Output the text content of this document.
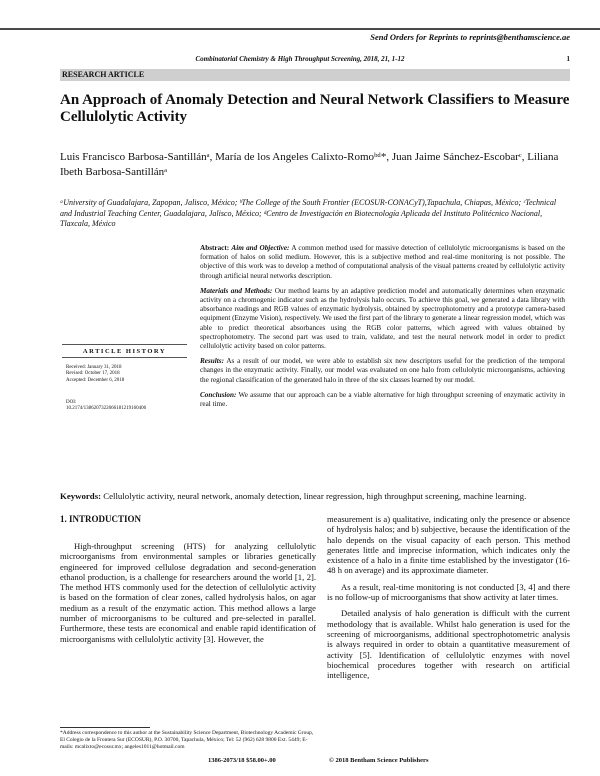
Send Orders for Reprints to reprints@benthamscience.ae
Combinatorial Chemistry & High Throughput Screening, 2018, 21, 1-12	1
RESEARCH ARTICLE
An Approach of Anomaly Detection and Neural Network Classifiers to Measure Cellulolytic Activity
Luis Francisco Barbosa-Santillánᵃ, María de los Angeles Calixto-Romoᵇᵈ*, Juan Jaime Sánchez-Escobarᶜ, Liliana Ibeth Barbosa-Santillánᵃ
ᵃUniversity of Guadalajara, Zapopan, Jalisco, México; ᵇThe College of the South Frontier (ECOSUR-CONACyT),Tapachula, Chiapas, México; ᶜTechnical and Industrial Teaching Center, Guadalajara, Jalisco, México; ᵈCentro de Investigación en Biotecnología Aplicada del Instituto Politécnico Nacional, Tlaxcala, México
ARTICLE HISTORY
Received: January 31, 2018
Revised: October 17, 2018
Accepted: December 6, 2018
DOI:
10.2174/1386207322666181219160406

Abstract: Aim and Objective: A common method used for massive detection of cellulolytic microorganisms is based on the formation of halos on solid medium. However, this is a subjective method and real-time monitoring is not possible. The objective of this work was to develop a method of computational analysis of the visual patterns created by cellulolytic activity through artificial neural networks description.

Materials and Methods: Our method learns by an adaptive prediction model and automatically determines when enzymatic activity on a chromogenic indicator such as the hydrolysis halo occurs. To achieve this goal, we generated a data library with absorbance readings and RGB values of enzymatic hydrolysis, obtained by spectrophotometry and a prototype camera-based equipment (Enzyme Vision), respectively. We used the first part of the library to generate a linear regression model, which was able to predict theoretical absorbances using the RGB color patterns, which agreed with values obtained by spectrophotometry. The second part was used to train, validate, and test the neural network model in order to predict cellulolytic activity based on color patterns.

Results: As a result of our model, we were able to establish six new descriptors useful for the prediction of the temporal changes in the enzymatic activity. Finally, our model was evaluated on one halo from cellulolytic microorganisms, achieving the regional classification of the generated halo in three of the six classes learned by our model.

Conclusion: We assume that our approach can be a viable alternative for high throughput screening of enzymatic activity in real time.

Keywords: Cellulolytic activity, neural network, anomaly detection, linear regression, high throughput screening, machine learning.
1. INTRODUCTION

High-throughput screening (HTS) for analyzing cellulolytic microorganisms from environmental samples or libraries genetically engineered for improved cellulose degradation and second-generation ethanol production, is a challenge for researchers around the world [1, 2]. The method HTS commonly used for the detection of cellulolytic activity is based on the formation of clear zones, called hydrolysis halos, on agar medium as a result of the enzymatic action. This method allows a large number of microorganisms to be cultured and pre-selected in parallel. Furthermore, these tests are economical and enable rapid identification of microorganisms with cellulolytic activity [3]. However, the

measurement is a) qualitative, indicating only the presence or absence of hydrolysis halos; and b) subjective, because the identification of the halo depends on the visual capacity of each person. This method generates little and imprecise information, which indicates only the existence of a halo in a finite time established by the investigator (16-48 h on average) and its approximate diameter.

As a result, real-time monitoring is not conducted [3, 4] and there is no follow-up of microorganisms that show activity at later times.

Detailed analysis of halo generation is difficult with the current methodology that is available. Whilst halo generation is used for the screening of microorganisms, additional spectrophotometric analysis is always required in order to obtain a quantitative measurement of activity [5]. Identification of cellulolytic enzymes with novel biochemical procedures together with research on artificial intelligence,

*Address correspondence to this author at the Sustainability Science Department, Biotechnology Academic Group, El Colegio de la Frontera Sur (ECOSUR), P.O. 30700, Tapachula, México; Tel: 52 (962) 628 9800 Ext. 5449; E-mails: mcalixto@ecosur.mx; angeles1011@hotmail.com
1386-2073/18 $58.00+.00	© 2018 Bentham Science Publishers
